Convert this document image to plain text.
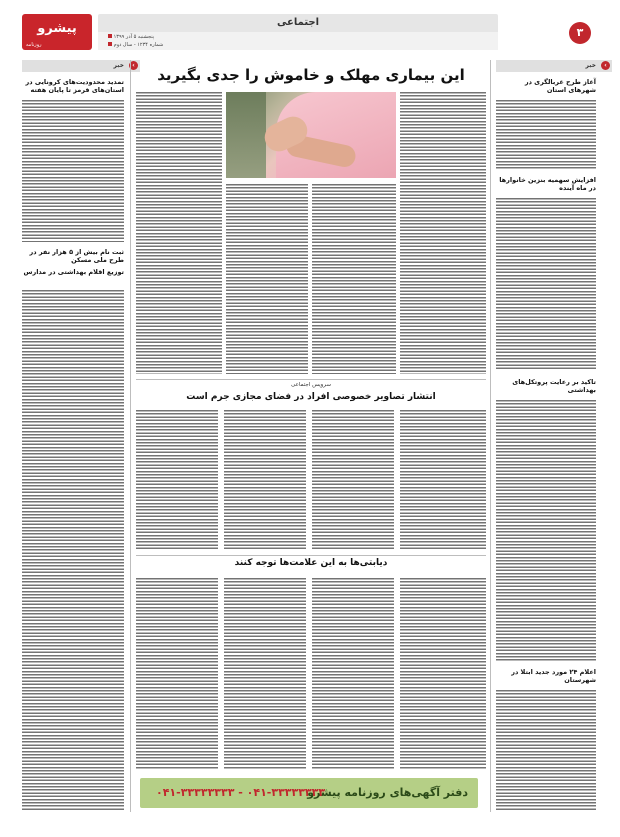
پیشرو
روزنامه
اجتماعی
پنجشنبه ۵ آذر ۱۳۹۹
شماره ۱۲۳۴ - سال دوم
۳
خبر	‹
تمدید محدودیت‌های کرونایی در استان‌های قرمز تا پایان هفته
ثبت نام بیش از ۵ هزار نفر در طرح ملی مسکن
توزیع اقلام بهداشتی در مدارس
خبر	‹
آغاز طرح غربالگری در شهرهای استان
افزایش سهمیه بنزین خانوارها در ماه آینده
تاکید بر رعایت پروتکل‌های بهداشتی
اعلام ۲۴ مورد جدید ابتلا در شهرستان
این بیماری مهلک و خاموش را جدی بگیرید
سرویس اجتماعی
انتشار تصاویر خصوصی افراد در فضای مجازی جرم است
دیابتی‌ها به این علامت‌ها توجه کنند
دفتر آگهی‌های روزنامه پیشرو
۰۴۱-۳۳۳۳۳۳۳۳ - ۰۴۱-۳۳۳۳۳۳۳۳
